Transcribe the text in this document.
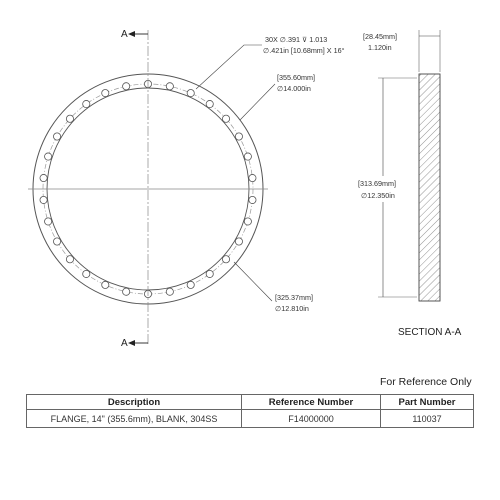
A
A
30X ∅.391 ⊽ 1.013
∅.421in [10.68mm] X 16°
[355.60mm]
∅14.000in
[325.37mm]
∅12.810in
[28.45mm]
1.120in
[313.69mm]
∅12.350in
SECTION A-A
For Reference Only
Description	Reference Number	Part Number
FLANGE, 14" (355.6mm), BLANK, 304SS	F14000000	110037
